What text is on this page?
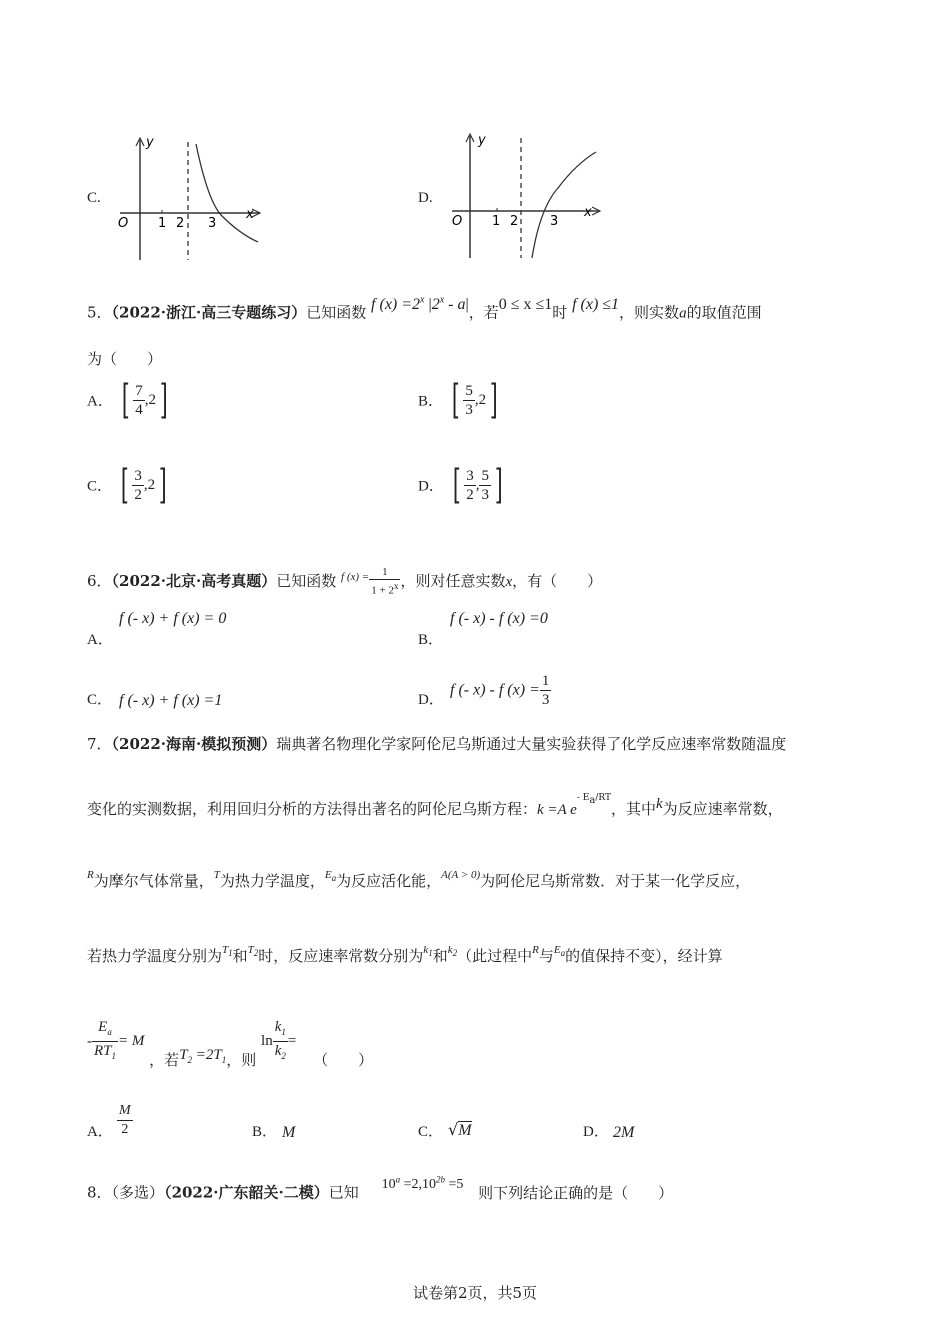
C.
y
x
O 1 2 3
D.
y
x
O 1 2 3
5．（2022·浙江·高三专题练习）已知函数 f $(x) =2^x$ |2$^x$ - a|，若0 ≤ x ≤1时 f (x) ≤1，则实数a的取值范围
为（　　）
A． [ $\frac{7}{4} ,2$]	B． [ $\frac{5}{3} ,2$]
C． [ $\frac{3}{2} ,2$]	D． [ $\frac{3}{2}$ , $\frac{5}{3}$ ]
6．（2022·北京·高考真题）已知函数 $^{f (x) =} \frac{1}{1 + 2^x}$ ，则对任意实数x，有（　　）
A．
f (- x) + f (x) = 0
B．
f (- x) - f (x) =0
C． f (- x) + f (x) =1	D．
f (- x) - f $(x) = \frac{1}{3}$
7．（2022·海南·模拟预测）瑞典著名物理化学家阿伦尼乌斯通过大量实验获得了化学反应速率常数随温度
变化的实测数据，利用回归分析的方法得出著名的阿伦尼乌斯方程：k =A $e^{- E_a/RT}$，其中k为反应速率常数，
$^R$为摩尔气体常量，$^T$为热力学温度，$^{E_a}$为反应活化能，$^{A(A > 0)}$为阿伦尼乌斯常数．对于某一化学反应，
若热力学温度分别为$^{T_1}$和$^{T_2}$时，反应速率常数分别为$^{k_1}$和$^{k_2}$（此过程中$^R$与$^{E_a}$的值保持不变），经计算
- $\frac{E_a}{RT_1} = M$ ，若$T_2 =2T_1$，则 $\ln \frac{k_1}{k_2}$ = （　　）
A． $\frac{M}{2}$	B． M	C． √M	D． 2M
8．（多选）（2022·广东韶关·二模）已知 $10^a =2,10^{2b} =5$ 则下列结论正确的是（　　）
试卷第2页，共5页
